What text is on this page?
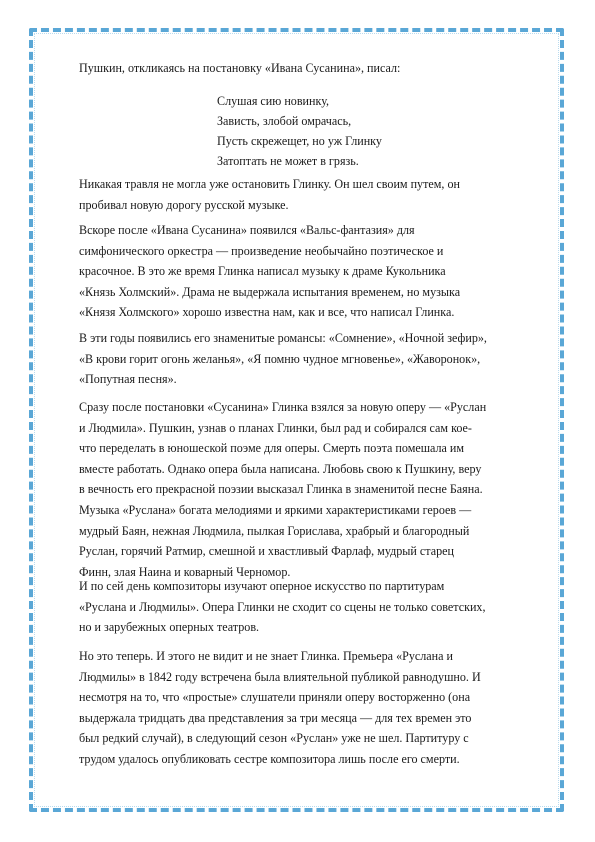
Пушкин, откликаясь на постановку «Ивана Сусанина», писал:

Слушая сию новинку,
Зависть, злобой омрачась,
Пусть скрежещет, но уж Глинку
Затоптать не может в грязь.
Никакая травля не могла уже остановить Глинку. Он шел своим путем, он
пробивал новую дорогу русской музыке.
Вскоре после «Ивана Сусанина» появился «Вальс-фантазия» для
симфонического оркестра — произведение необычайно поэтическое и
красочное. В это же время Глинка написал музыку к драме Кукольника
«Князь Холмский». Драма не выдержала испытания временем, но музыка
«Князя Холмского» хорошо известна нам, как и все, что написал Глинка.
В эти годы появились его знаменитые романсы: «Сомнение», «Ночной зефир»,
«В крови горит огонь желанья», «Я помню чудное мгновенье», «Жаворонок»,
«Попутная песня».
Сразу после постановки «Сусанина» Глинка взялся за новую оперу — «Руслан
и Людмила». Пушкин, узнав о планах Глинки, был рад и собирался сам кое-
что переделать в юношеской поэме для оперы. Смерть поэта помешала им
вместе работать. Однако опера была написана. Любовь свою к Пушкину, веру
в вечность его прекрасной поэзии высказал Глинка в знаменитой песне Баяна.
Музыка «Руслана» богата мелодиями и яркими характеристиками героев —
мудрый Баян, нежная Людмила, пылкая Горислава, храбрый и благородный
Руслан, горячий Ратмир, смешной и хвастливый Фарлаф, мудрый старец
Финн, злая Наина и коварный Черномор.
И по сей день композиторы изучают оперное искусство по партитурам
«Руслана и Людмилы». Опера Глинки не сходит со сцены не только советских,
но и зарубежных оперных театров.
Но это теперь. И этого не видит и не знает Глинка. Премьера «Руслана и
Людмилы» в 1842 году встречена была влиятельной публикой равнодушно. И
несмотря на то, что «простые» слушатели приняли оперу восторженно (она
выдержала тридцать два представления за три месяца — для тех времен это
был редкий случай), в следующий сезон «Руслан» уже не шел. Партитуру с
трудом удалось опубликовать сестре композитора лишь после его смерти.
